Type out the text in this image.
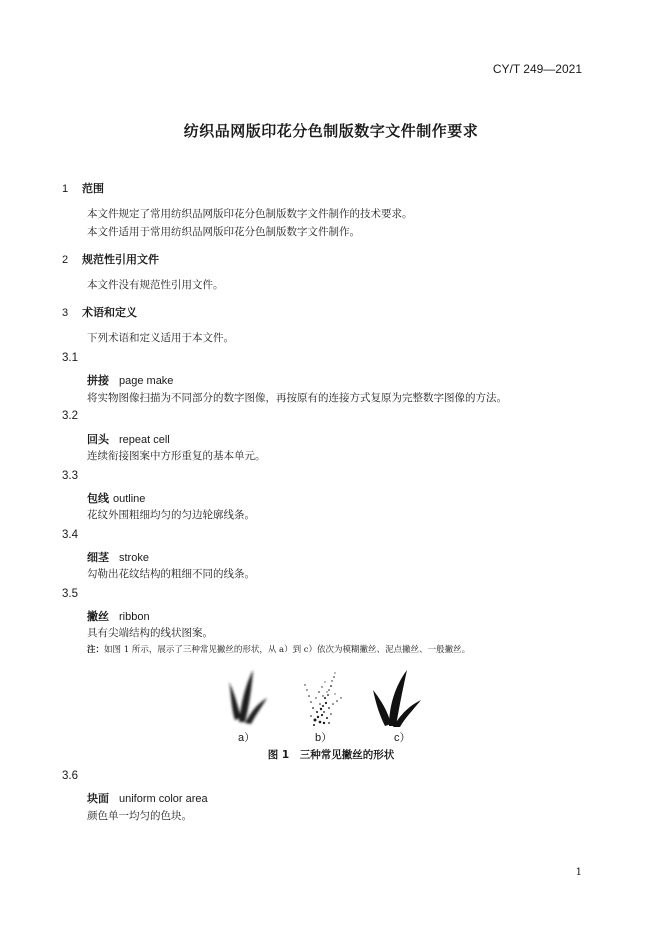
CY/T 249—2021
纺织品网版印花分色制版数字文件制作要求
1 范围
本文件规定了常用纺织品网版印花分色制版数字文件制作的技术要求。
本文件适用于常用纺织品网版印花分色制版数字文件制作。
2 规范性引用文件
本文件没有规范性引用文件。
3 术语和定义
下列术语和定义适用于本文件。
3.1
拼接 page make
将实物图像扫描为不同部分的数字图像，再按原有的连接方式复原为完整数字图像的方法。
3.2
回头 repeat cell
连续衔接图案中方形重复的基本单元。
3.3
包线 outline
花纹外围粗细均匀的匀边轮廓线条。
3.4
细茎 stroke
勾勒出花纹结构的粗细不同的线条。
3.5
撇丝 ribbon
具有尖端结构的线状图案。
注：如图 1 所示，展示了三种常见撇丝的形状，从 a）到 c）依次为模糊撇丝、泥点撇丝、一般撇丝。
a）	b）	c）
图 1　三种常见撇丝的形状
3.6
块面 uniform color area
颜色单一均匀的色块。
1
